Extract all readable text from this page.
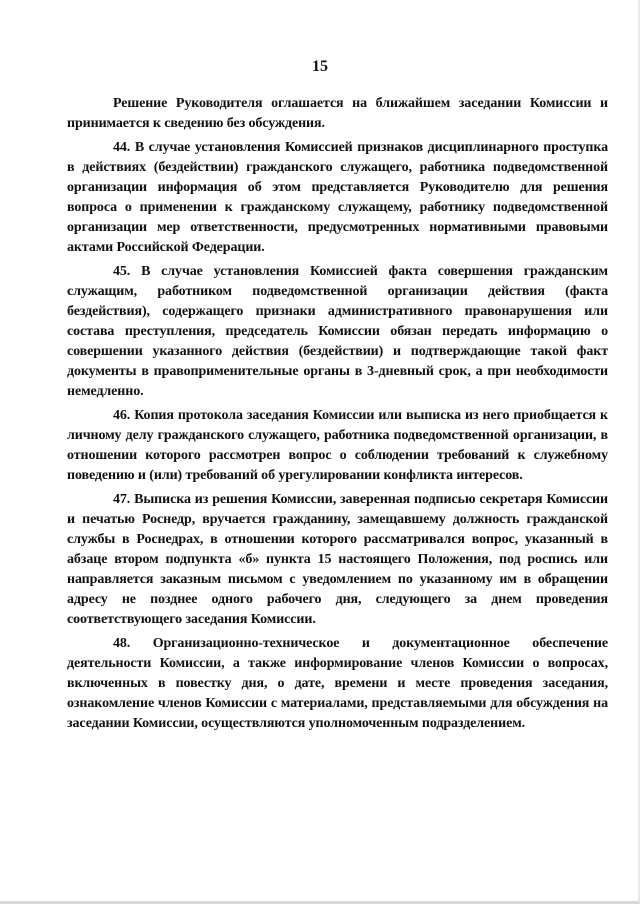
15

Решение Руководителя оглашается на ближайшем заседании Комиссии и принимается к сведению без обсуждения.

44. В случае установления Комиссией признаков дисциплинарного проступка в действиях (бездействии) гражданского служащего, работника подведомственной организации информация об этом представляется Руководителю для решения вопроса о применении к гражданскому служащему, работнику подведомственной организации мер ответственности, предусмотренных нормативными правовыми актами Российской Федерации.

45. В случае установления Комиссией факта совершения гражданским служащим, работником подведомственной организации действия (факта бездействия), содержащего признаки административного правонарушения или состава преступления, председатель Комиссии обязан передать информацию о совершении указанного действия (бездействии) и подтверждающие такой факт документы в правоприменительные органы в 3-дневный срок, а при необходимости немедленно.

46. Копия протокола заседания Комиссии или выписка из него приобщается к личному делу гражданского служащего, работника подведомственной организации, в отношении которого рассмотрен вопрос о соблюдении требований к служебному поведению и (или) требований об урегулировании конфликта интересов.

47. Выписка из решения Комиссии, заверенная подписью секретаря Комиссии и печатью Роснедр, вручается гражданину, замещавшему должность гражданской службы в Роснедрах, в отношении которого рассматривался вопрос, указанный в абзаце втором подпункта «б» пункта 15 настоящего Положения, под роспись или направляется заказным письмом с уведомлением по указанному им в обращении адресу не позднее одного рабочего дня, следующего за днем проведения соответствующего заседания Комиссии.

48. Организационно-техническое и документационное обеспечение деятельности Комиссии, а также информирование членов Комиссии о вопросах, включенных в повестку дня, о дате, времени и месте проведения заседания, ознакомление членов Комиссии с материалами, представляемыми для обсуждения на заседании Комиссии, осуществляются уполномоченным подразделением.
